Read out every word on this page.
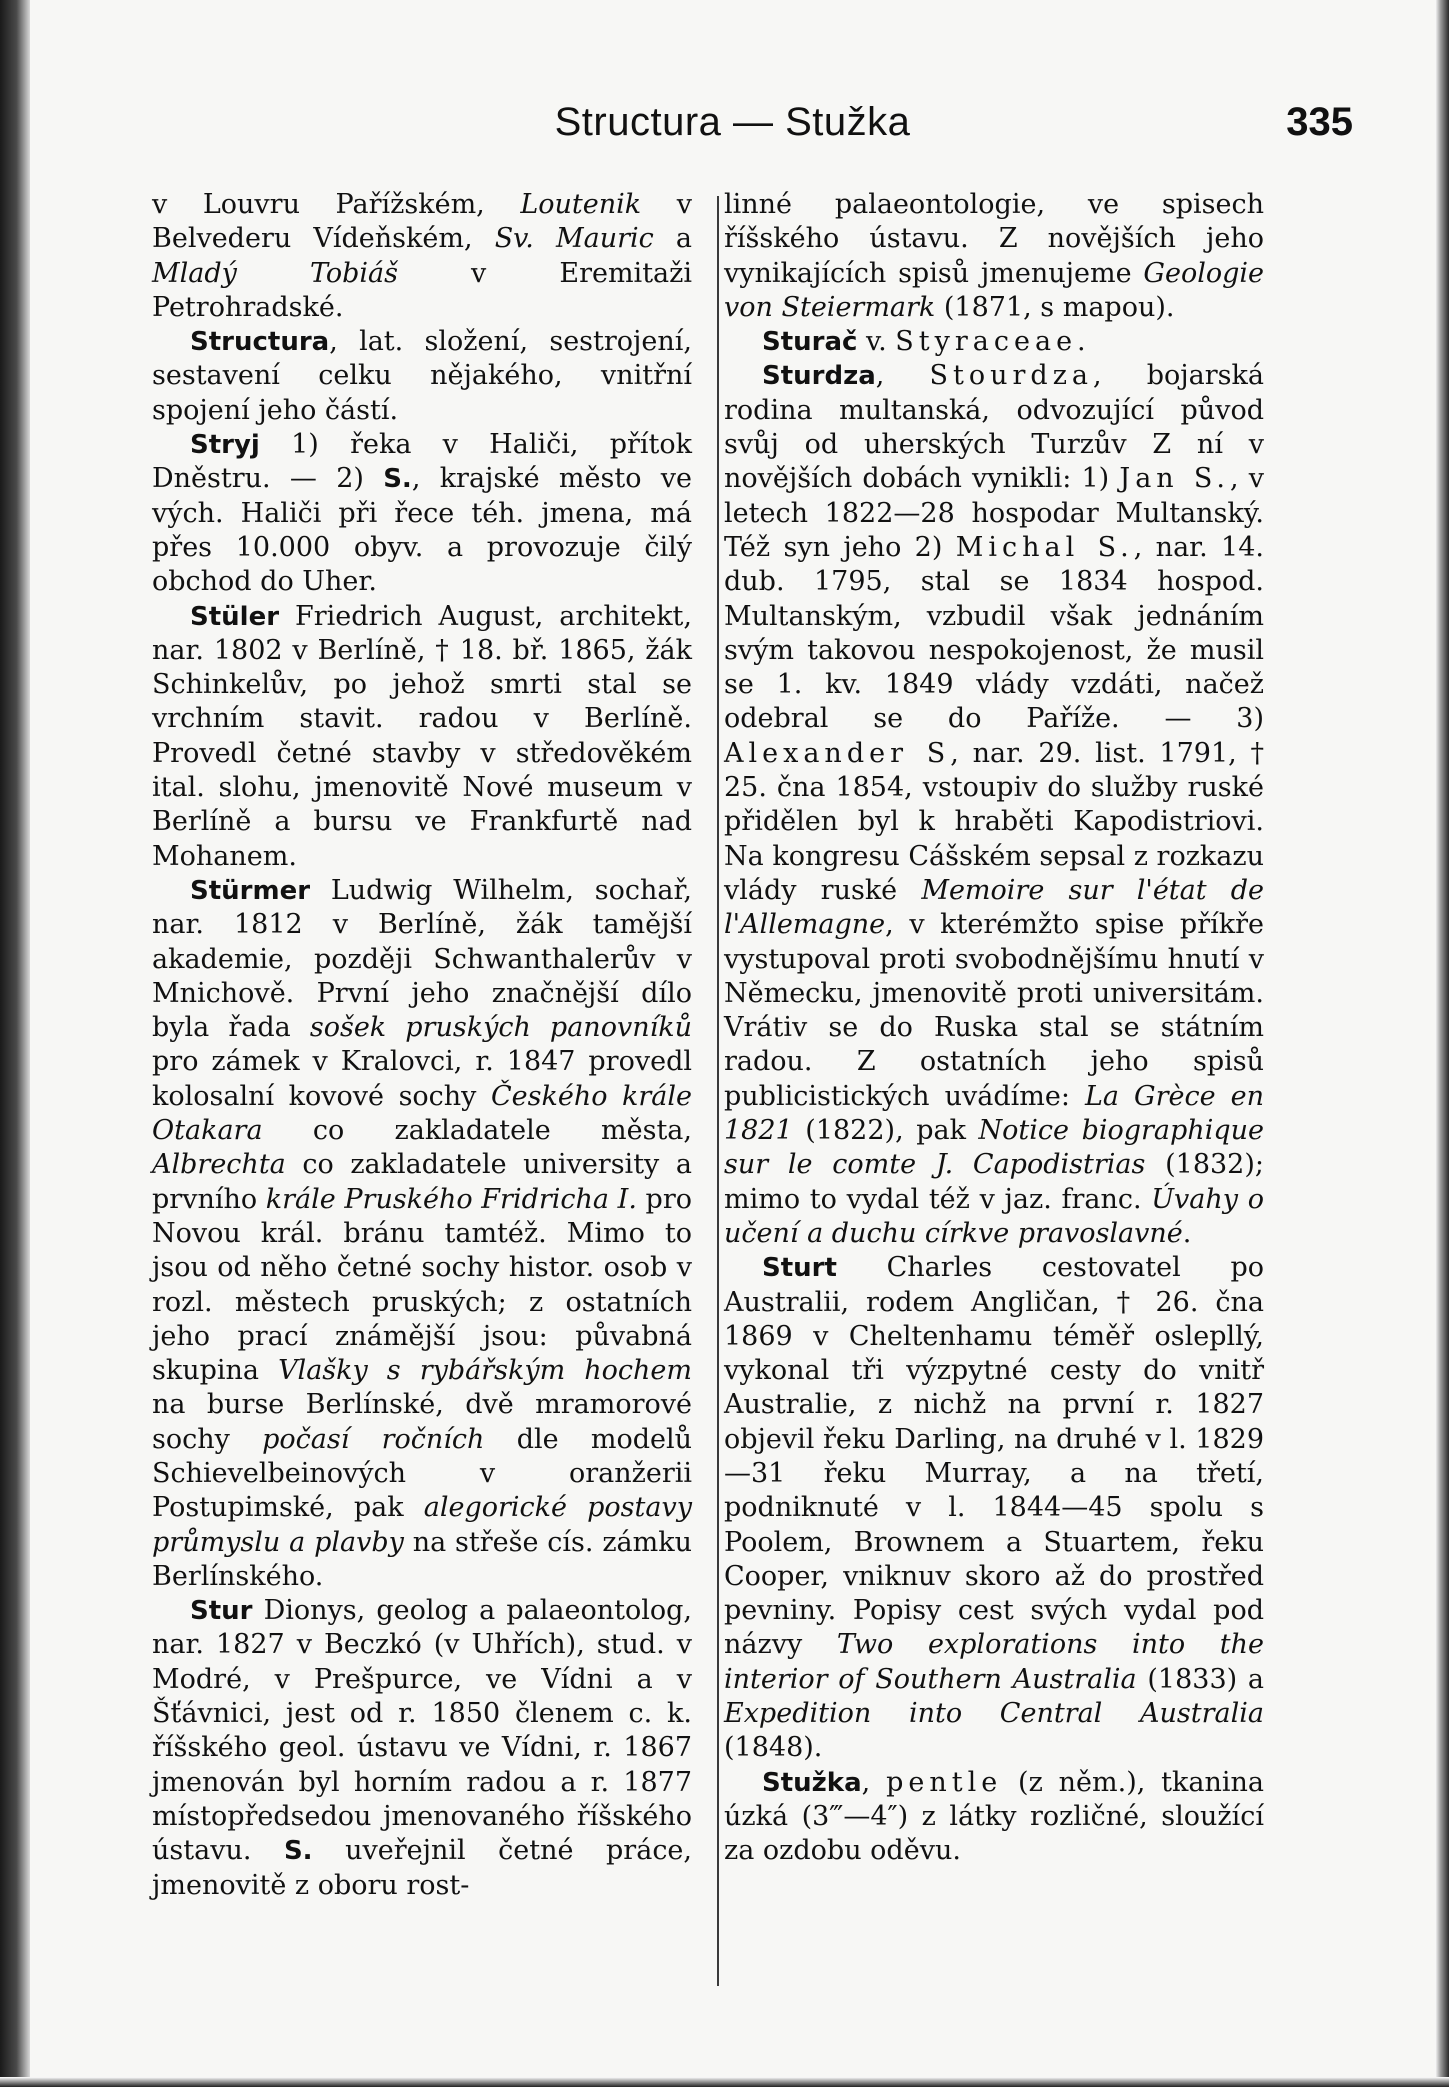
Structura — Stužka	335

v Louvru Pařížském, Loutenik v Belvederu Vídeňském, Sv. Mauric a Mladý Tobiáš v Eremitaži Petrohradské.

Structura, lat. složení, sestrojení, sestavení celku nějakého, vnitřní spojení jeho částí.

Stryj 1) řeka v Haliči, přítok Dněstru. — 2) S., krajské město ve vých. Haliči při řece téh. jmena, má přes 10.000 obyv. a provozuje čilý obchod do Uher.

Stüler Friedrich August, architekt, nar. 1802 v Berlíně, † 18. bř. 1865, žák Schinkelův, po jehož smrti stal se vrchním stavit. radou v Berlíně. Provedl četné stavby v středověkém ital. slohu, jmenovitě Nové museum v Berlíně a bursu ve Frankfurtě nad Mohanem.

Stürmer Ludwig Wilhelm, sochař, nar. 1812 v Berlíně, žák tamější akademie, později Schwanthalerův v Mnichově. První jeho značnější dílo byla řada sošek pruských panovníků pro zámek v Kralovci, r. 1847 provedl kolosalní kovové sochy Českého krále Otakara co zakladatele města, Albrechta co zakladatele university a prvního krále Pruského Fridricha I. pro Novou král. bránu tamtéž. Mimo to jsou od něho četné sochy histor. osob v rozl. městech pruských; z ostatních jeho prací známější jsou: půvabná skupina Vlašky s rybářským hochem na burse Berlínské, dvě mramorové sochy počasí ročních dle modelů Schievelbeinových v oranžerii Postupimské, pak alegorické postavy průmyslu a plavby na střeše cís. zámku Berlínského.

Stur Dionys, geolog a palaeontolog, nar. 1827 v Beczkó (v Uhřích), stud. v Modré, v Prešpurce, ve Vídni a v Šťávnici, jest od r. 1850 členem c. k. říšského geol. ústavu ve Vídni, r. 1867 jmenován byl horním radou a r. 1877 místopředsedou jmenovaného říšského ústavu. S. uveřejnil četné práce, jmenovitě z oboru rost-

linné palaeontologie, ve spisech říšského ústavu. Z novějších jeho vynikajících spisů jmenujeme Geologie von Steiermark (1871, s mapou).

Sturač v. Styraceae.

Sturdza, Stourdza, bojarská rodina multanská, odvozující původ svůj od uherských Turzův Z ní v novějších dobách vynikli: 1) Jan S., v letech 1822—28 hospodar Multanský. Též syn jeho 2) Michal S., nar. 14. dub. 1795, stal se 1834 hospod. Multanským, vzbudil však jednáním svým takovou nespokojenost, že musil se 1. kv. 1849 vlády vzdáti, načež odebral se do Paříže. — 3) Alexander S, nar. 29. list. 1791, † 25. čna 1854, vstoupiv do služby ruské přidělen byl k hraběti Kapodistriovi. Na kongresu Cášském sepsal z rozkazu vlády ruské Memoire sur l'état de l'Allemagne, v kterémžto spise příkře vystupoval proti svobodnějšímu hnutí v Německu, jmenovitě proti universitám. Vrátiv se do Ruska stal se státním radou. Z ostatních jeho spisů publicistických uvádíme: La Grèce en 1821 (1822), pak Notice biographique sur le comte J. Capodistrias (1832); mimo to vydal též v jaz. franc. Úvahy o učení a duchu církve pravoslavné.

Sturt Charles cestovatel po Australii, rodem Angličan, † 26. čna 1869 v Cheltenhamu téměř oslepllý, vykonal tři výzpytné cesty do vnitř Australie, z nichž na první r. 1827 objevil řeku Darling, na druhé v l. 1829—31 řeku Murray, a na třetí, podniknuté v l. 1844—45 spolu s Poolem, Brownem a Stuartem, řeku Cooper, vniknuv skoro až do prostřed pevniny. Popisy cest svých vydal pod názvy Two explorations into the interior of Southern Australia (1833) a Expedition into Central Australia (1848).

Stužka, pentle (z něm.), tkanina úzká (3‴—4″) z látky rozličné, sloužící za ozdobu oděvu.
